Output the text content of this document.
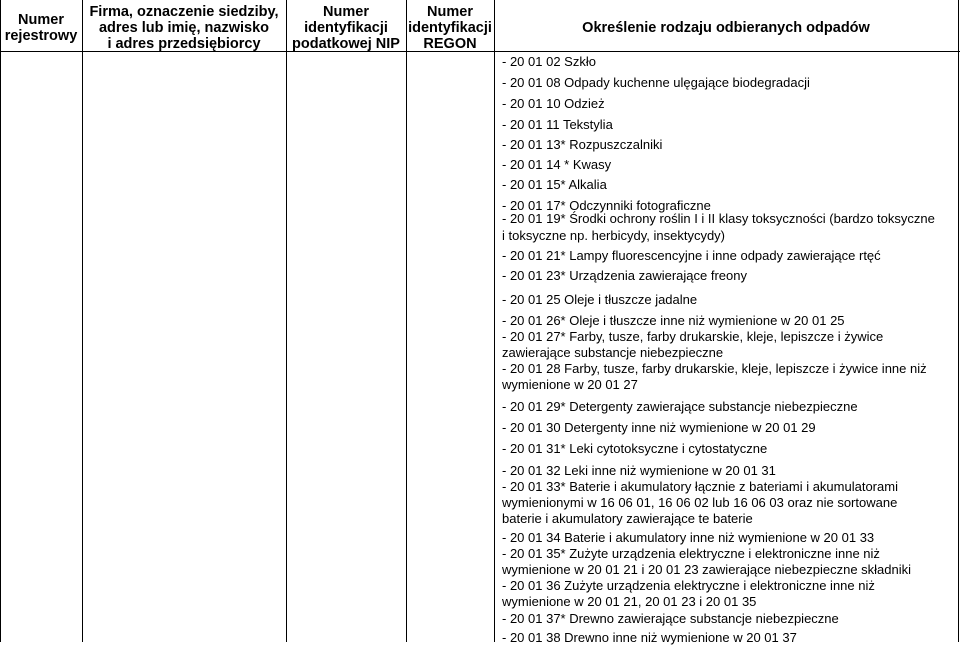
Numer
rejestrowy
Firma, oznaczenie siedziby,
adres lub imię, nazwisko
i adres przedsiębiorcy
Numer
identyfikacji
podatkowej NIP
Numer
identyfikacji
REGON
Określenie rodzaju odbieranych odpadów
- 20 01 02 Szkło
- 20 01 08 Odpady kuchenne ulęgające biodegradacji
- 20 01 10 Odzież
- 20 01 11 Tekstylia
- 20 01 13* Rozpuszczalniki
- 20 01 14 * Kwasy
- 20 01 15* Alkalia
- 20 01 17* Odczynniki fotograficzne
- 20 01 19* Środki ochrony roślin I i II klasy toksyczności (bardzo toksyczne
i toksyczne np. herbicydy, insektycydy)
- 20 01 21* Lampy fluorescencyjne i inne odpady zawierające rtęć
- 20 01 23* Urządzenia zawierające freony
- 20 01 25 Oleje i tłuszcze jadalne
- 20 01 26* Oleje i tłuszcze inne niż wymienione w 20 01 25
- 20 01 27* Farby, tusze, farby drukarskie, kleje, lepiszcze i żywice
zawierające substancje niebezpieczne
- 20 01 28 Farby, tusze, farby drukarskie, kleje, lepiszcze i żywice inne niż
wymienione w 20 01 27
- 20 01 29* Detergenty zawierające substancje niebezpieczne
- 20 01 30 Detergenty inne niż wymienione w 20 01 29
- 20 01 31* Leki cytotoksyczne i cytostatyczne
- 20 01 32 Leki inne niż wymienione w 20 01 31
- 20 01 33* Baterie i akumulatory łącznie z bateriami i akumulatorami
wymienionymi w 16 06 01, 16 06 02 lub 16 06 03 oraz nie sortowane
baterie i akumulatory zawierające te baterie
- 20 01 34 Baterie i akumulatory inne niż wymienione w 20 01 33
- 20 01 35* Zużyte urządzenia elektryczne i elektroniczne inne niż
wymienione w 20 01 21 i 20 01 23 zawierające niebezpieczne składniki
- 20 01 36 Zużyte urządzenia elektryczne i elektroniczne inne niż
wymienione w 20 01 21, 20 01 23 i 20 01 35
- 20 01 37* Drewno zawierające substancje niebezpieczne
- 20 01 38 Drewno inne niż wymienione w 20 01 37
